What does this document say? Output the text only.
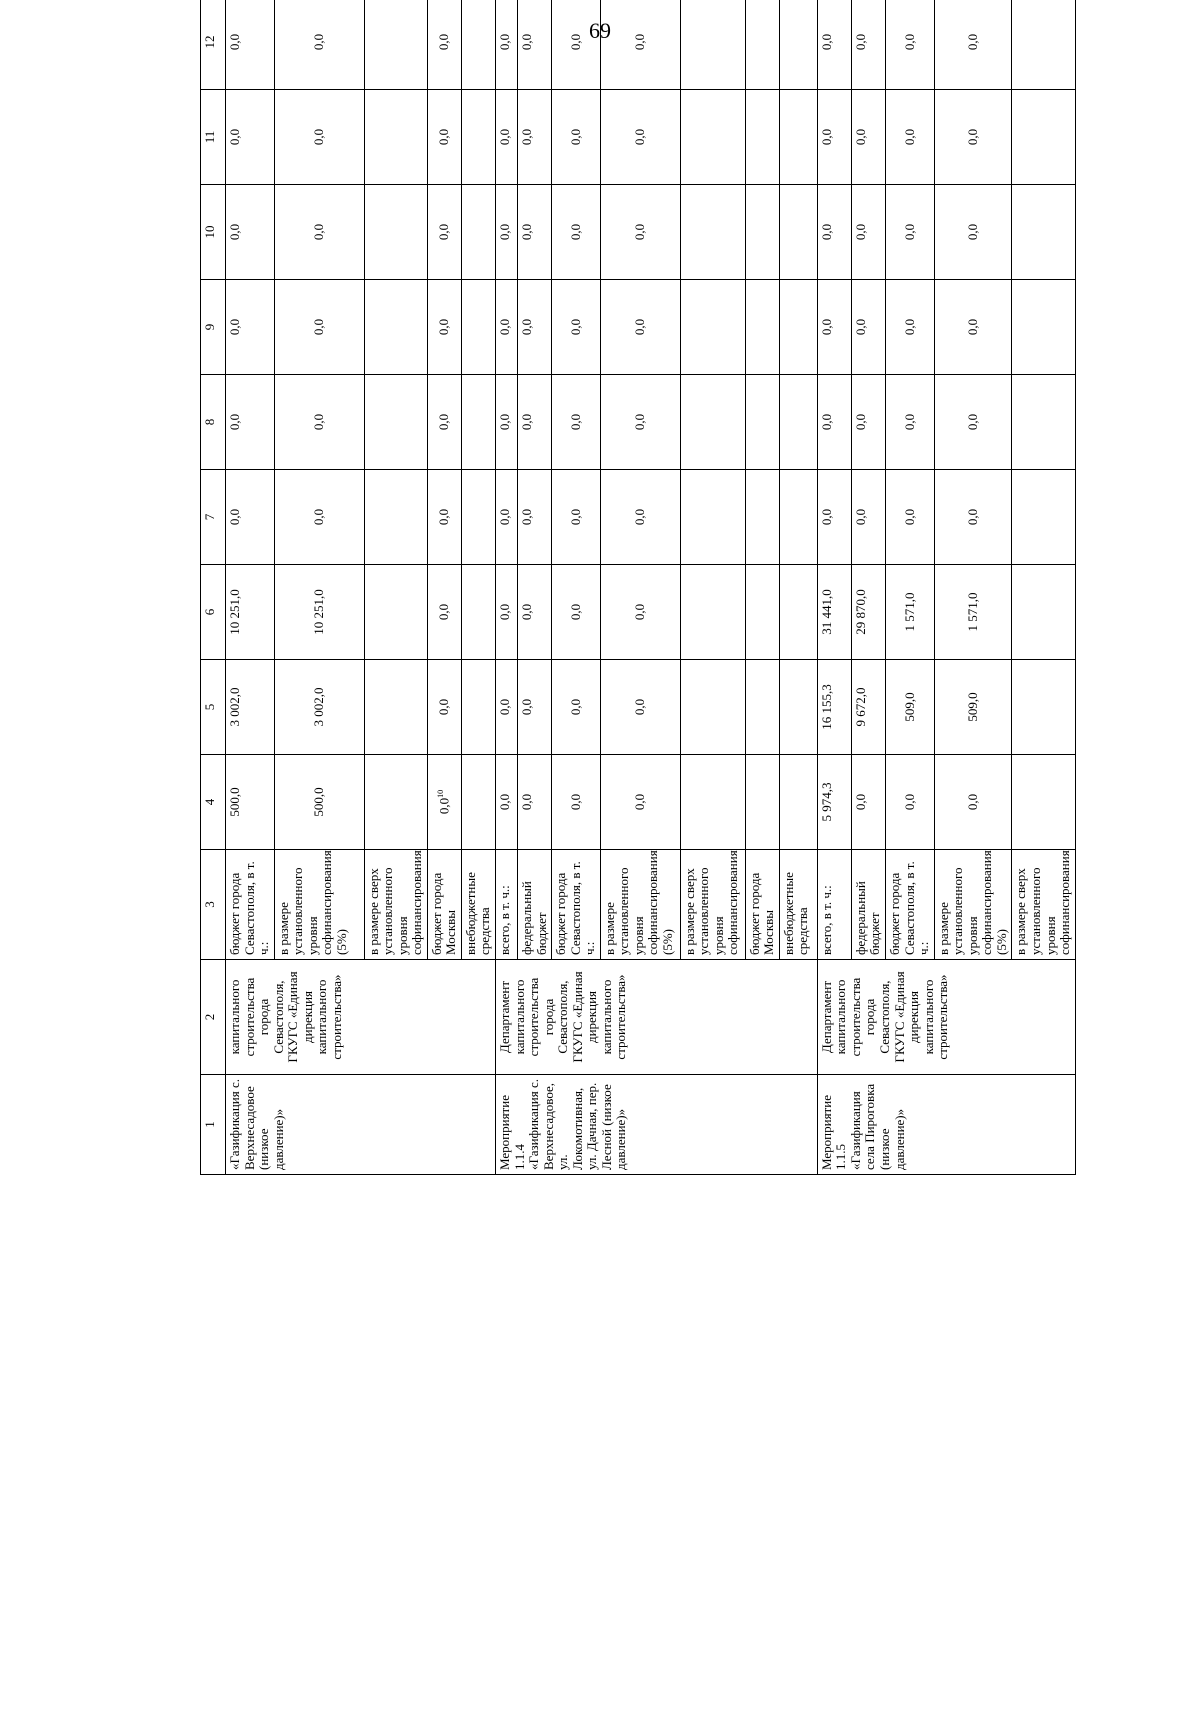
69
1	2	3	4	5	6	7	8	9	10	11	12	
«Газификация с. Верхнесадовое (низкое давление)»	капитального строительства города Севастополя, ГКУГС «Единая дирекция капитального строительства»	бюджет города Севастополя, в т. ч.:	500,0	3 002,0	10 251,0	0,0	0,0	0,0	0,0	0,0	0,0	
		в размере установленного уровня софинансирования (5%)	500,0	3 002,0	10 251,0	0,0	0,0	0,0	0,0	0,0	0,0	
		в размере сверх установленного уровня софинансирования										
		бюджет города Москвы	$0,0^{10}$	0,0	0,0	0,0	0,0	0,0	0,0	0,0	0,0	
		внебюджетные средства										
Мероприятие 1.1.4 «Газификация с. Верхнесадовое, ул. Локомотивная, ул. Дачная, пер. Лесной (низкое давление)»	Департамент капитального строительства города Севастополя, ГКУГС «Единая дирекция капитального строительства»	всего, в т. ч.:	0,0	0,0	0,0	0,0	0,0	0,0	0,0	0,0	0,0	
		федеральный бюджет	0,0	0,0	0,0	0,0	0,0	0,0	0,0	0,0	0,0	
		бюджет города Севастополя, в т. ч.:	0,0	0,0	0,0	0,0	0,0	0,0	0,0	0,0	0,0	
		в размере установленного уровня софинансирования (5%)	0,0	0,0	0,0	0,0	0,0	0,0	0,0	0,0	0,0	
		в размере сверх установленного уровня софинансирования										
		бюджет города Москвы										
		внебюджетные средства										
Мероприятие 1.1.5 «Газификация села Пироговка (низкое давление)»	Департамент капитального строительства города Севастополя, ГКУГС «Единая дирекция капитального строительства»	всего, в т. ч.:	5 974,3	16 155,3	31 441,0	0,0	0,0	0,0	0,0	0,0	0,0	
		федеральный бюджет	0,0	9 672,0	29 870,0	0,0	0,0	0,0	0,0	0,0	0,0	
		бюджет города Севастополя, в т. ч.:	0,0	509,0	1 571,0	0,0	0,0	0,0	0,0	0,0	0,0	
		в размере установленного уровня софинансирования (5%)	0,0	509,0	1 571,0	0,0	0,0	0,0	0,0	0,0	0,0	
		в размере сверх установленного уровня софинансирования										
